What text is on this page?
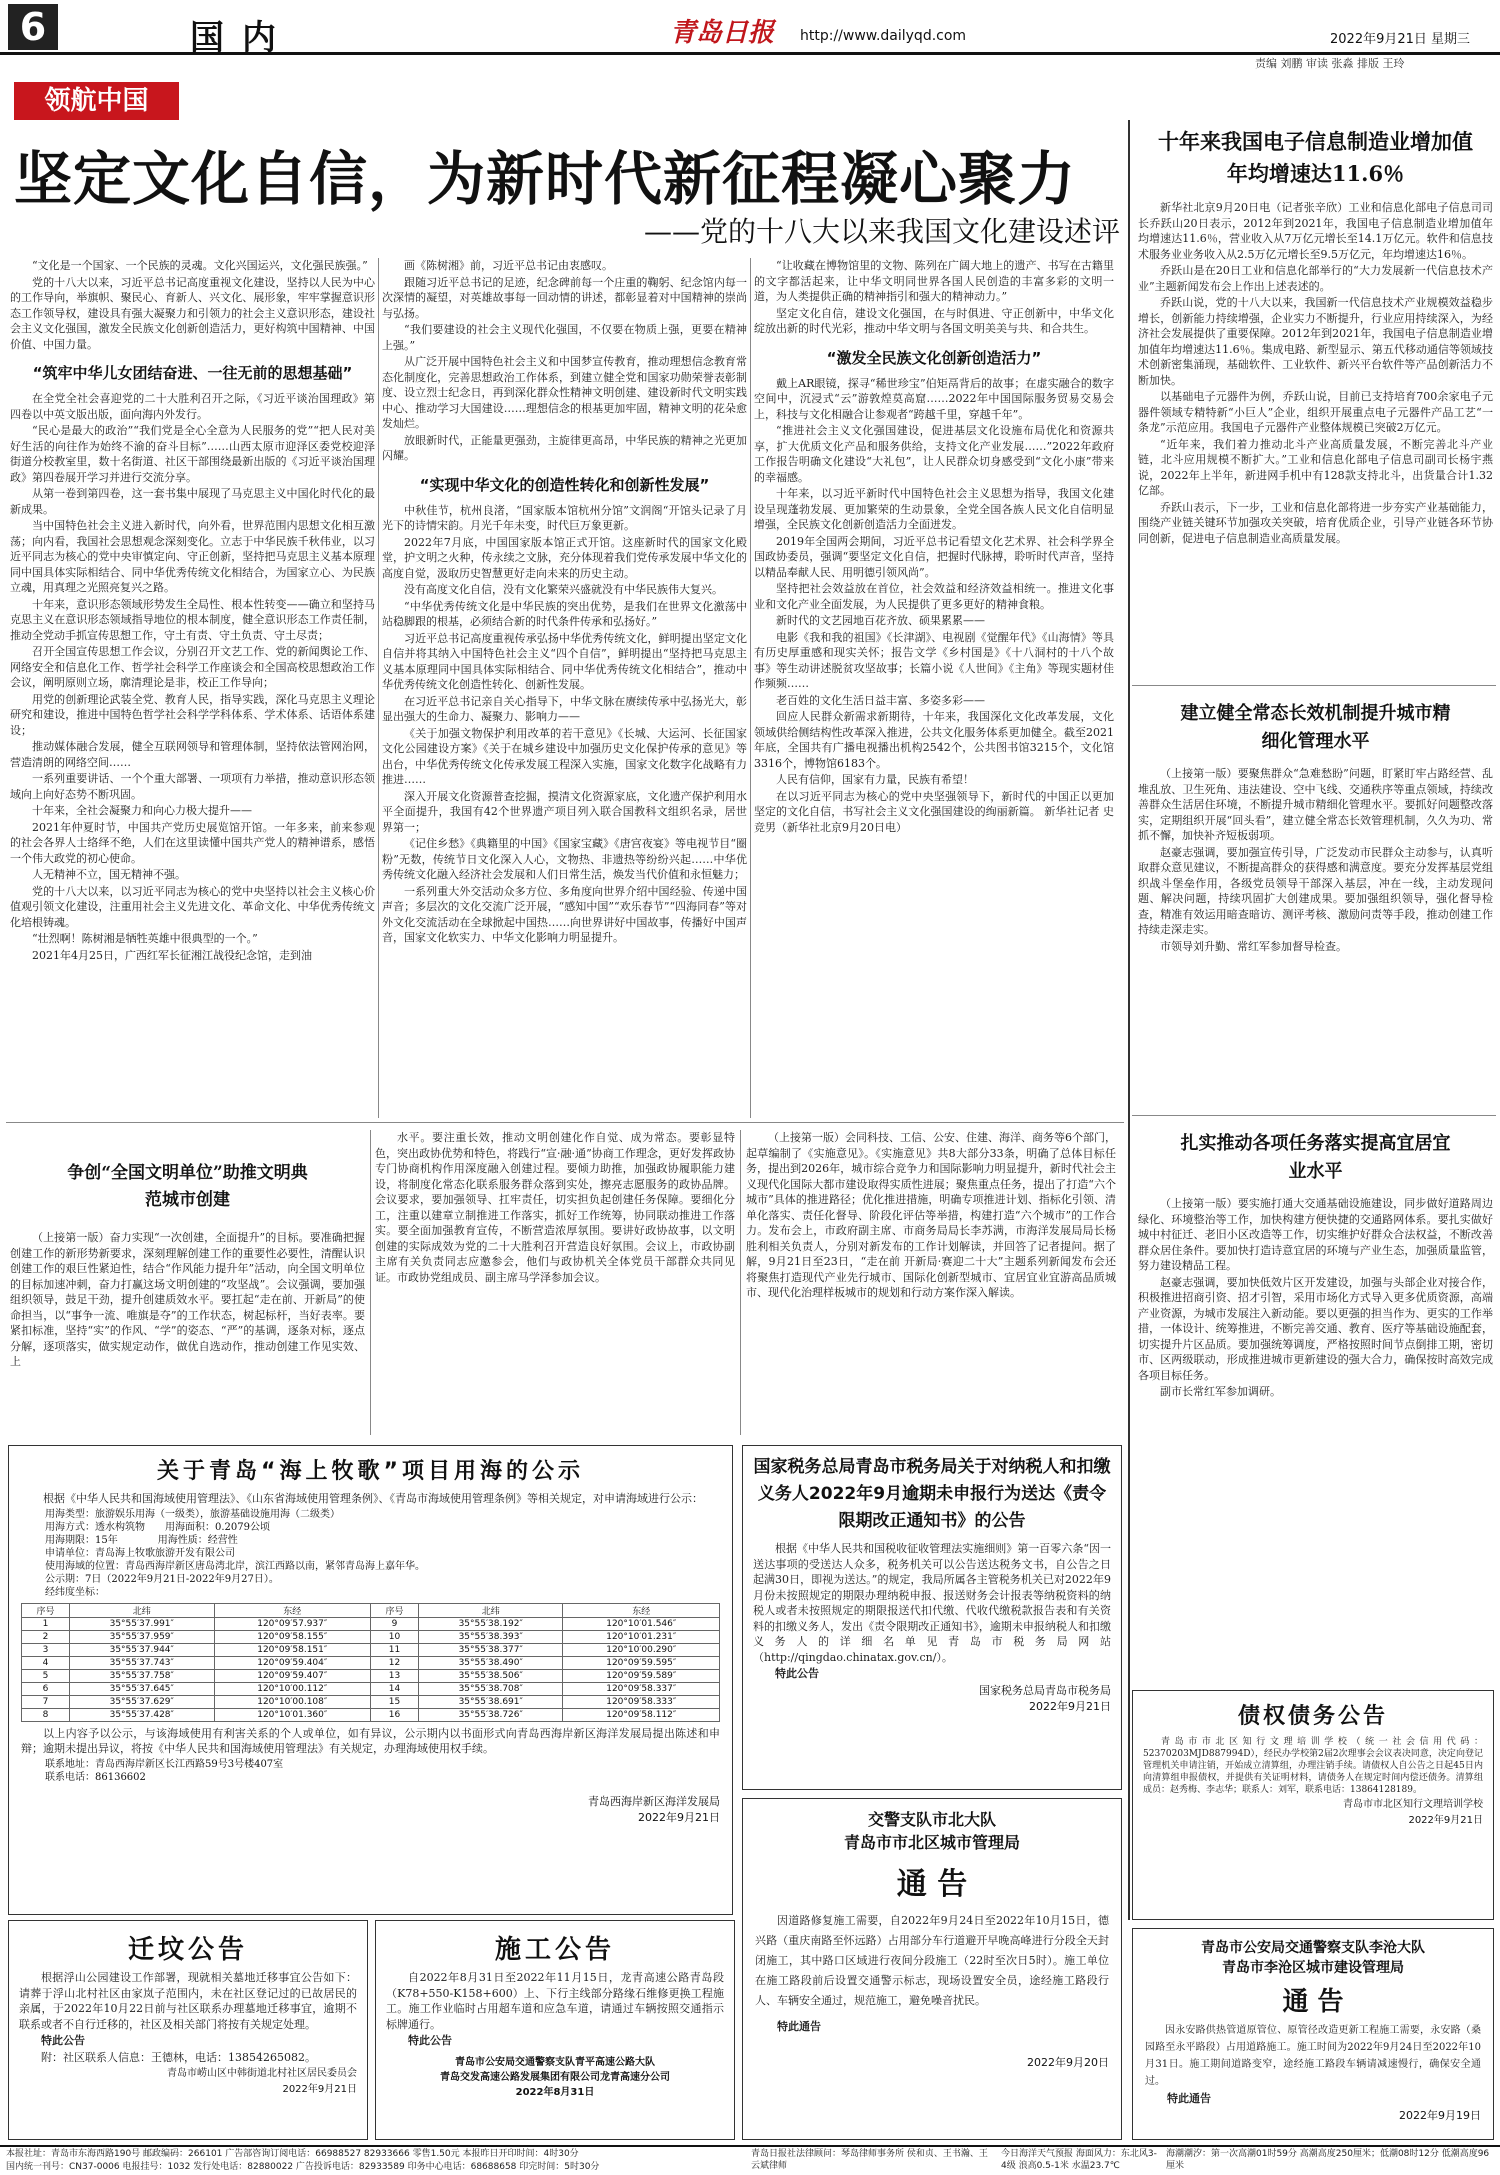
6	国内	青岛日报 http://www.dailyqd.com	2022年9月21日 星期三
责编 刘鹏 审读 张淼 排版 王玲
领航中国
坚定文化自信，为新时代新征程凝心聚力
——党的十八大以来我国文化建设述评

“文化是一个国家、一个民族的灵魂。文化兴国运兴，文化强民族强。”

党的十八大以来，习近平总书记高度重视文化建设，坚持以人民为中心的工作导向，举旗帜、聚民心、育新人、兴文化、展形象，牢牢掌握意识形态工作领导权，建设具有强大凝聚力和引领力的社会主义意识形态，建设社会主义文化强国，激发全民族文化创新创造活力，更好构筑中国精神、中国价值、中国力量。

“筑牢中华儿女团结奋进、一往无前的思想基础”

在全党全社会喜迎党的二十大胜利召开之际，《习近平谈治国理政》第四卷以中英文版出版，面向海内外发行。

“民心是最大的政治”“我们党是全心全意为人民服务的党”“把人民对美好生活的向往作为始终不渝的奋斗目标”……山西太原市迎泽区委党校迎泽街道分校教室里，数十名街道、社区干部围绕最新出版的《习近平谈治国理政》第四卷展开学习并进行交流分享。

从第一卷到第四卷，这一套书集中展现了马克思主义中国化时代化的最新成果。

当中国特色社会主义进入新时代，向外看，世界范围内思想文化相互激荡；向内看，我国社会思想观念深刻变化。立志于中华民族千秋伟业，以习近平同志为核心的党中央审慎定向、守正创新，坚持把马克思主义基本原理同中国具体实际相结合、同中华优秀传统文化相结合，为国家立心、为民族立魂，用真理之光照亮复兴之路。

十年来，意识形态领域形势发生全局性、根本性转变——确立和坚持马克思主义在意识形态领域指导地位的根本制度，健全意识形态工作责任制，推动全党动手抓宣传思想工作，守土有责、守土负责、守土尽责；

召开全国宣传思想工作会议，分别召开文艺工作、党的新闻舆论工作、网络安全和信息化工作、哲学社会科学工作座谈会和全国高校思想政治工作会议，阐明原则立场，廓清理论是非，校正工作导向；

用党的创新理论武装全党、教育人民，指导实践，深化马克思主义理论研究和建设，推进中国特色哲学社会科学学科体系、学术体系、话语体系建设；

推动媒体融合发展，健全互联网领导和管理体制，坚持依法管网治网，营造清朗的网络空间……

一系列重要讲话、一个个重大部署、一项项有力举措，推动意识形态领域向上向好态势不断巩固。

十年来，全社会凝聚力和向心力极大提升——

2021年仲夏时节，中国共产党历史展览馆开馆。一年多来，前来参观的社会各界人士络绎不绝，人们在这里读懂中国共产党人的精神谱系，感悟一个伟大政党的初心使命。

人无精神不立，国无精神不强。

党的十八大以来，以习近平同志为核心的党中央坚持以社会主义核心价值观引领文化建设，注重用社会主义先进文化、革命文化、中华优秀传统文化培根铸魂。

“壮烈啊！陈树湘是牺牲英雄中很典型的一个。”

2021年4月25日，广西红军长征湘江战役纪念馆，走到油

画《陈树湘》前，习近平总书记由衷感叹。

跟随习近平总书记的足迹，纪念碑前每一个庄重的鞠躬、纪念馆内每一次深情的凝望，对英雄故事每一回动情的讲述，都彰显着对中国精神的崇尚与弘扬。

“我们要建设的社会主义现代化强国，不仅要在物质上强，更要在精神上强。”

从广泛开展中国特色社会主义和中国梦宣传教育，推动理想信念教育常态化制度化，完善思想政治工作体系，到建立健全党和国家功勋荣誉表彰制度、设立烈士纪念日，再到深化群众性精神文明创建、建设新时代文明实践中心、推动学习大国建设……理想信念的根基更加牢固，精神文明的花朵愈发灿烂。

放眼新时代，正能量更强劲，主旋律更高昂，中华民族的精神之光更加闪耀。

“实现中华文化的创造性转化和创新性发展”

中秋佳节，杭州良渚，“国家版本馆杭州分馆”文润阁“开馆头记录了月光下的诗情宋韵。月光千年未变，时代巨万象更新。

2022年7月底，中国国家版本馆正式开馆。这座新时代的国家文化殿堂，护文明之火种，传永续之文脉，充分体现着我们党传承发展中华文化的高度自觉，汲取历史智慧更好走向未来的历史主动。

没有高度文化自信，没有文化繁荣兴盛就没有中华民族伟大复兴。

“中华优秀传统文化是中华民族的突出优势，是我们在世界文化激荡中站稳脚跟的根基，必须结合新的时代条件传承和弘扬好。”

习近平总书记高度重视传承弘扬中华优秀传统文化，鲜明提出坚定文化自信并将其纳入中国特色社会主义“四个自信”，鲜明提出“坚持把马克思主义基本原理同中国具体实际相结合、同中华优秀传统文化相结合”，推动中华优秀传统文化创造性转化、创新性发展。

在习近平总书记亲自关心指导下，中华文脉在赓续传承中弘扬光大，彰显出强大的生命力、凝聚力、影响力——

《关于加强文物保护利用改革的若干意见》《长城、大运河、长征国家文化公园建设方案》《关于在城乡建设中加强历史文化保护传承的意见》等出台，中华优秀传统文化传承发展工程深入实施，国家文化数字化战略有力推进……

深入开展文化资源普查挖掘，摸清文化资源家底，文化遗产保护利用水平全面提升，我国有42个世界遗产项目列入联合国教科文组织名录，居世界第一；

《记住乡愁》《典籍里的中国》《国家宝藏》《唐宫夜宴》等电视节目“圈粉”无数，传统节日文化深入人心，文物热、非遗热等纷纷兴起……中华优秀传统文化融入经济社会发展和人们日常生活，焕发当代价值和永恒魅力；

一系列重大外交活动众多方位、多角度向世界介绍中国经验、传递中国声音；多层次的文化交流广泛开展，“感知中国”“欢乐春节”“四海同春”等对外文化交流活动在全球掀起中国热……向世界讲好中国故事，传播好中国声音，国家文化软实力、中华文化影响力明显提升。

“让收藏在博物馆里的文物、陈列在广阔大地上的遗产、书写在古籍里的文字都活起来，让中华文明同世界各国人民创造的丰富多彩的文明一道，为人类提供正确的精神指引和强大的精神动力。”

坚定文化自信，建设文化强国，在与时俱进、守正创新中，中华文化绽放出新的时代光彩，推动中华文明与各国文明美美与共、和合共生。

“激发全民族文化创新创造活力”

戴上AR眼镜，探寻“稀世珍宝”伯矩鬲背后的故事；在虚实融合的数字空间中，沉浸式“云”游敦煌莫高窟……2022年中国国际服务贸易交易会上，科技与文化相融合让参观者“跨越千里，穿越千年”。

“推进社会主义文化强国建设，促进基层文化设施布局优化和资源共享，扩大优质文化产品和服务供给，支持文化产业发展……”2022年政府工作报告明确文化建设“大礼包”，让人民群众切身感受到“文化小康”带来的幸福感。

十年来，以习近平新时代中国特色社会主义思想为指导，我国文化建设呈现蓬勃发展、更加繁荣的生动景象，全党全国各族人民文化自信明显增强，全民族文化创新创造活力全面迸发。

2019年全国两会期间，习近平总书记看望文化艺术界、社会科学界全国政协委员，强调“要坚定文化自信，把握时代脉搏，聆听时代声音，坚持以精品奉献人民、用明德引领风尚”。

坚持把社会效益放在首位，社会效益和经济效益相统一。推进文化事业和文化产业全面发展，为人民提供了更多更好的精神食粮。

新时代的文艺园地百花齐放、硕果累累——

电影《我和我的祖国》《长津湖》、电视剧《觉醒年代》《山海情》等具有历史厚重感和现实关怀；报告文学《乡村国是》《十八洞村的十八个故事》等生动讲述脱贫攻坚故事；长篇小说《人世间》《主角》等现实题材佳作频频……

老百姓的文化生活日益丰富、多姿多彩——

回应人民群众新需求新期待，十年来，我国深化文化改革发展，文化领域供给侧结构性改革深入推进，公共文化服务体系更加健全。截至2021年底，全国共有广播电视播出机构2542个，公共图书馆3215个，文化馆3316个，博物馆6183个。

人民有信仰，国家有力量，民族有希望！

在以习近平同志为核心的党中央坚强领导下，新时代的中国正以更加坚定的文化自信，书写社会主义文化强国建设的绚丽新篇。 新华社记者 史竞男（新华社北京9月20日电）

十年来我国电子信息制造业增加值年均增速达11.6％

新华社北京9月20日电（记者张辛欣）工业和信息化部电子信息司司长乔跃山20日表示，2012年到2021年，我国电子信息制造业增加值年均增速达11.6％，营业收入从7万亿元增长至14.1万亿元。软件和信息技术服务业业务收入从2.5万亿元增长至9.5万亿元，年均增速达16％。

乔跃山是在20日工业和信息化部举行的“大力发展新一代信息技术产业”主题新闻发布会上作出上述表述的。

乔跃山说，党的十八大以来，我国新一代信息技术产业规模效益稳步增长，创新能力持续增强，企业实力不断提升，行业应用持续深入，为经济社会发展提供了重要保障。2012年到2021年，我国电子信息制造业增加值年均增速达11.6％。集成电路、新型显示、第五代移动通信等领域技术创新密集涌现，基础软件、工业软件、新兴平台软件等产品创新活力不断加快。

以基础电子元器件为例，乔跃山说，目前已支持培育700余家电子元器件领域专精特新“小巨人”企业，组织开展重点电子元器件产品工艺“一条龙”示范应用。我国电子元器件产业整体规模已突破2万亿元。

“近年来，我们着力推动北斗产业高质量发展，不断完善北斗产业链，北斗应用规模不断扩大。”工业和信息化部电子信息司副司长杨宇燕说，2022年上半年，新进网手机中有128款支持北斗，出货量合计1.32亿部。

乔跃山表示，下一步，工业和信息化部将进一步夯实产业基础能力，围绕产业链关键环节加强攻关突破，培育优质企业，引导产业链各环节协同创新，促进电子信息制造业高质量发展。

建立健全常态长效机制提升城市精细化管理水平

（上接第一版）要聚焦群众“急难愁盼”问题，盯紧盯牢占路经营、乱堆乱放、卫生死角、违法建设、空中飞线、交通秩序等重点领域，持续改善群众生活居住环境，不断提升城市精细化管理水平。要抓好问题整改落实，定期组织开展“回头看”，建立健全常态长效管理机制，久久为功、常抓不懈，加快补齐短板弱项。

赵豪志强调，要加强宣传引导，广泛发动市民群众主动参与，认真听取群众意见建议，不断提高群众的获得感和满意度。要充分发挥基层党组织战斗堡垒作用，各级党员领导干部深入基层，冲在一线，主动发现问题、解决问题，持续巩固扩大创建成果。要加强组织领导，强化督导检查，精准有效运用暗查暗访、测评考核、激励问责等手段，推动创建工作持续走深走实。

市领导刘升勤、常红军参加督导检查。

扎实推动各项任务落实提高宜居宜业水平

（上接第一版）要实施打通大交通基础设施建设，同步做好道路周边绿化、环境整治等工作，加快构建方便快捷的交通路网体系。要扎实做好城中村征迁、老旧小区改造等工作，切实维护好群众合法权益，不断改善群众居住条件。要加快打造诗意宜居的环境与产业生态，加强质量监管，努力建设精品工程。

赵豪志强调，要加快低效片区开发建设，加强与头部企业对接合作，积极推进招商引资、招才引智，采用市场化方式导入更多优质资源，高端产业资源，为城市发展注入新动能。要以更强的担当作为、更实的工作举措，一体设计、统筹推进，不断完善交通、教育、医疗等基础设施配套，切实提升片区品质。要加强统筹调度，严格按照时间节点倒排工期，密切市、区两级联动，形成推进城市更新建设的强大合力，确保按时高效完成各项目标任务。

副市长常红军参加调研。

争创“全国文明单位”助推文明典范城市创建

（上接第一版）奋力实现“一次创建，全面提升”的目标。要准确把握创建工作的新形势新要求，深刻理解创建工作的重要性必要性，清醒认识创建工作的艰巨性紧迫性，结合“作风能力提升年”活动，向全国文明单位的目标加速冲刺，奋力打赢这场文明创建的“攻坚战”。会议强调，要加强组织领导，鼓足干劲，提升创建质效水平。要扛起“走在前、开新局”的使命担当，以“事争一流、唯旗是夺”的工作状态，树起标杆，当好表率。要紧扣标准，坚持“实”的作风、“学”的姿态、“严”的基调，逐条对标，逐点分解，逐项落实，做实规定动作，做优自选动作，推动创建工作见实效、上

水平。要注重长效，推动文明创建化作自觉、成为常态。要彰显特色，突出政协优势和特色，将践行“宣·融·通”协商工作理念，更好发挥政协专门协商机构作用深度融入创建过程。要倾力助推，加强政协履职能力建设，将制度化常态化联系服务群众落到实处，擦亮志愿服务的政协品牌。会议要求，要加强领导、扛牢责任，切实担负起创建任务保障。要细化分工，注重以建章立制推进工作落实，抓好工作统筹，协同联动推进工作落实。要全面加强教育宣传，不断营造浓厚氛围。要讲好政协故事，以文明创建的实际成效为党的二十大胜利召开营造良好氛围。会议上，市政协副主席有关负责同志应邀参会，他们与政协机关全体党员干部群众共同见证。市政协党组成员、副主席马学泽参加会议。

（上接第一版）会同科技、工信、公安、住建、海洋、商务等6个部门，起草编制了《实施意见》。《实施意见》共8大部分33条，明确了总体目标任务，提出到2026年，城市综合竞争力和国际影响力明显提升，新时代社会主义现代化国际大都市建设取得实质性进展；聚焦重点任务，提出了打造“六个城市”具体的推进路径；优化推进措施，明确专项推进计划、指标化引领、清单化落实、责任化督导、阶段化评估等举措，构建打造“六个城市”的工作合力。发布会上，市政府副主席、市商务局局长李苏满，市海洋发展局局长杨胜利相关负责人，分别对新发布的工作计划解读，并回答了记者提问。据了解，9月21日至23日，“走在前 开新局·赛迎二十大”主题系列新闻发布会还将聚焦打造现代产业先行城市、国际化创新型城市、宜居宜业宜游高品质城市、现代化治理样板城市的规划和行动方案作深入解读。

关于青岛“海上牧歌”项目用海的公示

根据《中华人民共和国海域使用管理法》、《山东省海域使用管理条例》、《青岛市海域使用管理条例》等相关规定，对申请海域进行公示：

用海类型：旅游娱乐用海（一级类），旅游基础设施用海（二级类）
用海方式：透水构筑物　　用海面积：0.2079公顷
用海期限：15年　　　　用海性质：经营性
申请单位：青岛海上牧歌旅游开发有限公司
使用海域的位置：青岛西海岸新区唐岛湾北岸，滨江西路以南，紧邻青岛海上嘉年华。
公示期：7日（2022年9月21日-2022年9月27日）。
经纬度坐标：
序号	北纬	东经	序号	北纬	东经
1	35°55′37.991″	120°09′57.937″	9	35°55′38.192″	120°10′01.546″
2	35°55′37.959″	120°09′58.155″	10	35°55′38.393″	120°10′01.231″
3	35°55′37.944″	120°09′58.151″	11	35°55′38.377″	120°10′00.290″
4	35°55′37.743″	120°09′59.404″	12	35°55′38.490″	120°09′59.595″
5	35°55′37.758″	120°09′59.407″	13	35°55′38.506″	120°09′59.589″
6	35°55′37.645″	120°10′00.112″	14	35°55′38.708″	120°09′58.337″
7	35°55′37.629″	120°10′00.108″	15	35°55′38.691″	120°09′58.333″
8	35°55′37.428″	120°10′01.360″	16	35°55′38.726″	120°09′58.112″

以上内容予以公示，与该海域使用有利害关系的个人或单位，如有异议，公示期内以书面形式向青岛西海岸新区海洋发展局提出陈述和申辩；逾期未提出异议，将按《中华人民共和国海域使用管理法》有关规定，办理海域使用权手续。

联系地址：青岛西海岸新区长江西路59号3号楼407室
联系电话：86136602
青岛西海岸新区海洋发展局
2022年9月21日
国家税务总局青岛市税务局关于对纳税人和扣缴义务人2022年9月逾期未申报行为送达《责令限期改正通知书》的公告

根据《中华人民共和国税收征收管理法实施细则》第一百零六条“因一送达事项的受送达人众多，税务机关可以公告送达税务文书，自公告之日起满30日，即视为送达。”的规定，我局所属各主管税务机关已对2022年9月份未按照规定的期限办理纳税申报、报送财务会计报表等纳税资料的纳税人或者未按照规定的期限报送代扣代缴、代收代缴税款报告表和有关资料的扣缴义务人，发出《责令限期改正通知书》，逾期未申报纳税人和扣缴义务人的详细名单见青岛市税务局网站（http://qingdao.chinatax.gov.cn/）。

特此公告

国家税务总局青岛市税务局
2022年9月21日	债权债务公告

青岛市市北区知行文理培训学校（统一社会信用代码：52370203MJD887994D），经民办学校第2届2次理事会会议表决同意，决定向登记管理机关申请注销，开始成立清算组，办理注销手续。请债权人自公告之日起45日内向清算组申报债权，并提供有关证明材料，请债务人在规定时间内偿还债务。清算组成员：赵秀梅、李志华；联系人：刘军，联系电话：13864128189。

青岛市市北区知行文理培训学校
2022年9月21日
交警支队市北大队
青岛市市北区城市管理局
通 告

因道路修复施工需要，自2022年9月24日至2022年10月15日，德兴路（重庆南路至怀远路）占用部分车行道避开早晚高峰进行分段全天封闭施工，其中路口区域进行夜间分段施工（22时至次日5时）。施工单位在施工路段前后设置交通警示标志，现场设置安全员，途经施工路段行人、车辆安全通过，规范施工，避免噪音扰民。

特此通告

2022年9月20日
青岛市公安局交通警察支队李沧大队
青岛市李沧区城市建设管理局
通 告

因永安路供热管道原管位、原管径改造更新工程施工需要，永安路（桑园路至永平路段）占用道路施工。施工时间为2022年9月24日至2022年10月31日。施工期间道路变窄，途经施工路段车辆请减速慢行，确保安全通过。

特此通告

2022年9月19日
迁坟公告

根据浮山公园建设工作部署，现就相关墓地迁移事宜公告如下：请葬于浮山北村社区由家岚子范围内，未在社区登记过的已故居民的亲属，于2022年10月22日前与社区联系办理墓地迁移事宜，逾期不联系或者不自行迁移的，社区及相关部门将按有关规定处理。

特此公告

附：社区联系人信息：王德林，电话：13854265082。

青岛市崂山区中韩街道北村社区居民委员会
2022年9月21日
施工公告

自2022年8月31日至2022年11月15日，龙青高速公路青岛段（K78+550-K158+600）上、下行主线部分路缘石维修更换工程施工。施工作业临时占用超车道和应急车道，请通过车辆按照交通指示标牌通行。

特此公告

青岛市公安局交通警察支队青平高速公路大队
青岛交发高速公路发展集团有限公司龙青高速分公司
2022年8月31日
本报社址：青岛市东海西路190号 邮政编码：266101 广告部咨询订阅电话：66988527 82933666 零售1.50元 本报昨日开印时间：4时30分
国内统一刊号：CN37-0006 电报挂号：1032 发行处电话：82880022 广告投诉电话：82933589 印务中心电话：68688658 印完时间：5时30分
青岛日报社法律顾问：琴岛律师事务所 侯和贞、王书瀚、王云斌律师
今日海洋天气预报 海面风力：东北风3-4级 浪高0.5-1米 水温23.7℃
海潮潮汐：第一次高潮01时59分 高潮高度250厘米；低潮08时12分 低潮高度96厘米
